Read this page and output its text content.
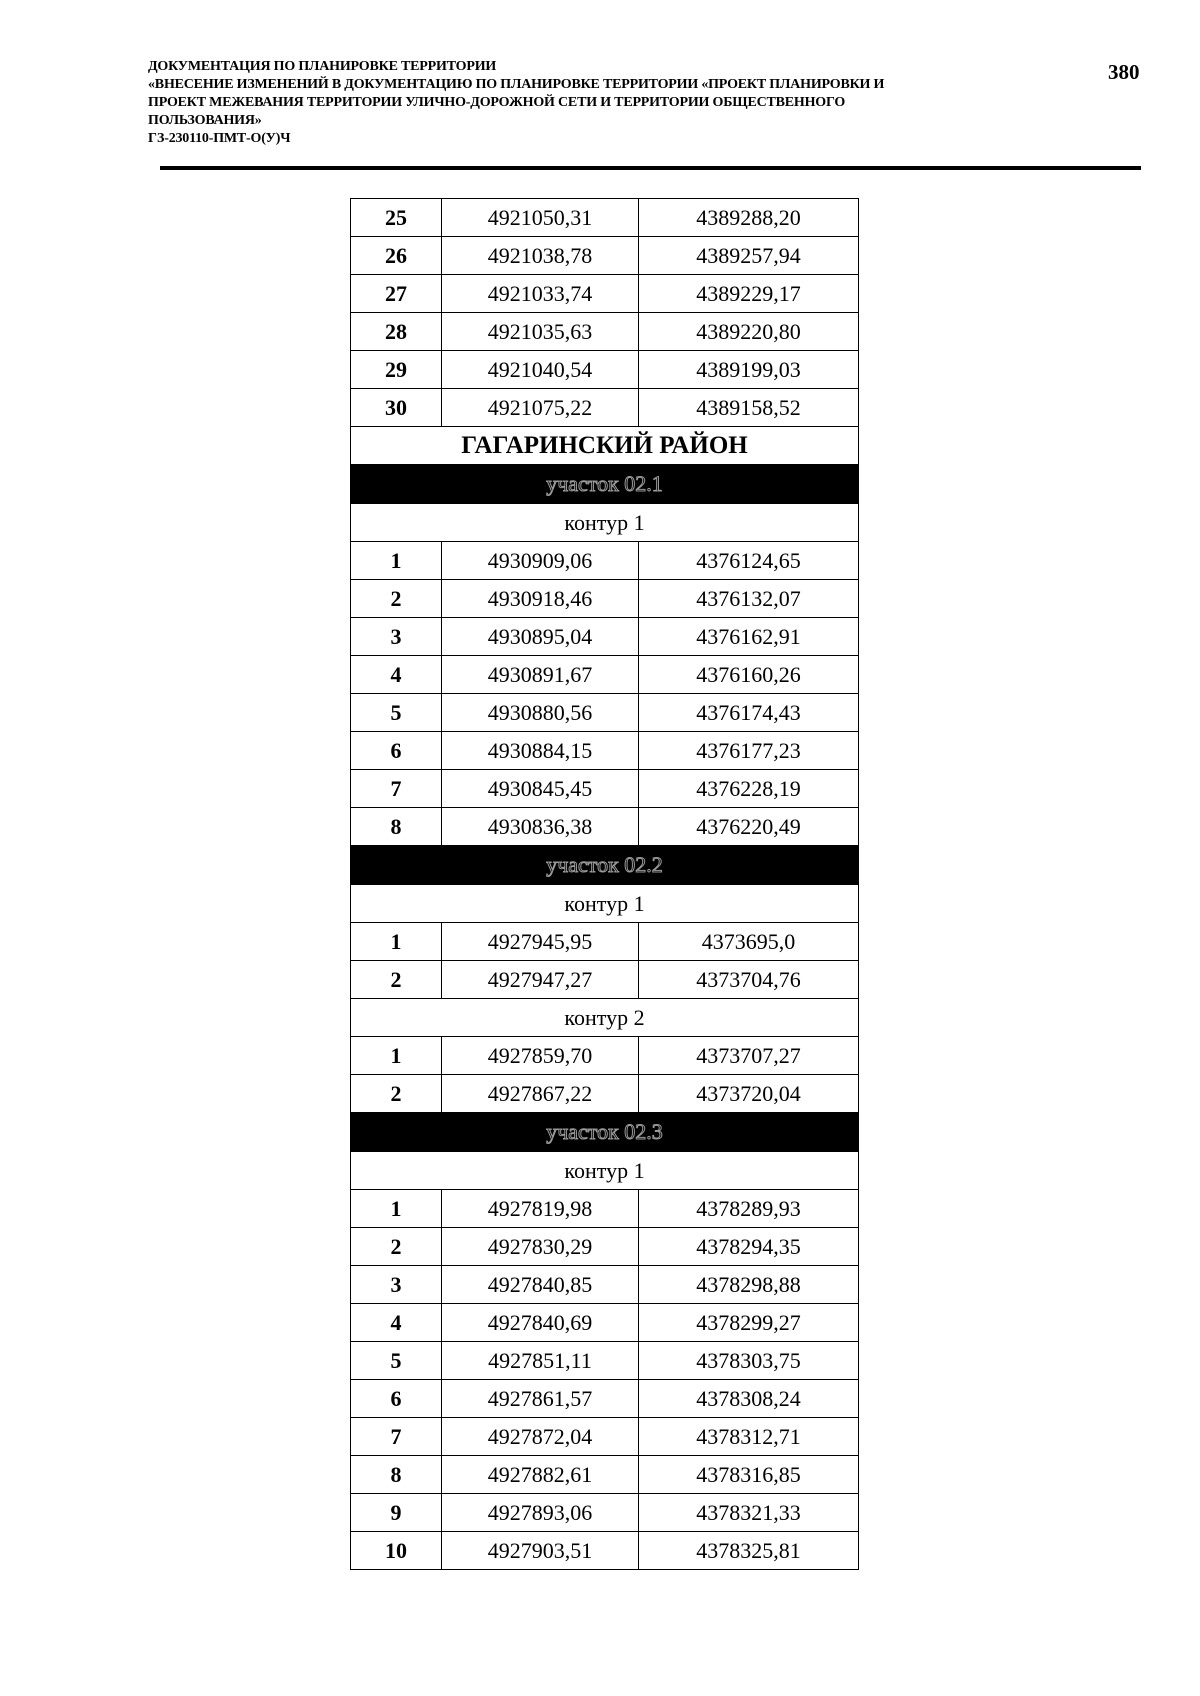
ДОКУМЕНТАЦИЯ ПО ПЛАНИРОВКЕ ТЕРРИТОРИИ
«ВНЕСЕНИЕ ИЗМЕНЕНИЙ В ДОКУМЕНТАЦИЮ ПО ПЛАНИРОВКЕ ТЕРРИТОРИИ «ПРОЕКТ ПЛАНИРОВКИ И
ПРОЕКТ МЕЖЕВАНИЯ ТЕРРИТОРИИ УЛИЧНО-ДОРОЖНОЙ СЕТИ И ТЕРРИТОРИИ ОБЩЕСТВЕННОГО
ПОЛЬЗОВАНИЯ»
ГЗ-230110-ПМТ-О(У)Ч
380
25	4921050,31	4389288,20
26	4921038,78	4389257,94
27	4921033,74	4389229,17
28	4921035,63	4389220,80
29	4921040,54	4389199,03
30	4921075,22	4389158,52
ГАГАРИНСКИЙ РАЙОН		
участок 02.1		
контур 1		
1	4930909,06	4376124,65
2	4930918,46	4376132,07
3	4930895,04	4376162,91
4	4930891,67	4376160,26
5	4930880,56	4376174,43
6	4930884,15	4376177,23
7	4930845,45	4376228,19
8	4930836,38	4376220,49
участок 02.2		
контур 1		
1	4927945,95	4373695,0
2	4927947,27	4373704,76
контур 2		
1	4927859,70	4373707,27
2	4927867,22	4373720,04
участок 02.3		
контур 1		
1	4927819,98	4378289,93
2	4927830,29	4378294,35
3	4927840,85	4378298,88
4	4927840,69	4378299,27
5	4927851,11	4378303,75
6	4927861,57	4378308,24
7	4927872,04	4378312,71
8	4927882,61	4378316,85
9	4927893,06	4378321,33
10	4927903,51	4378325,81
